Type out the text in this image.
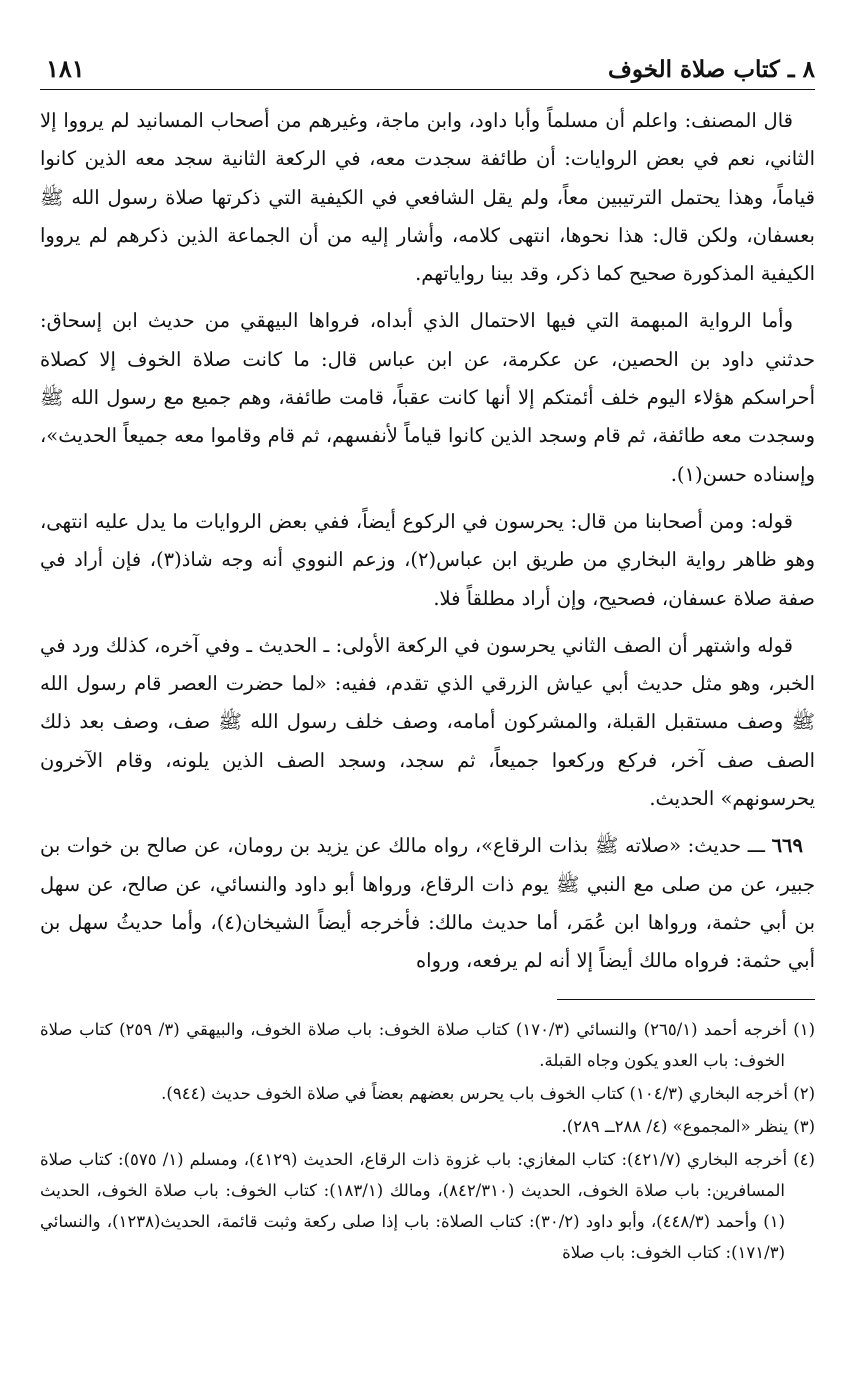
٨ ـ كتاب صلاة الخوف
١٨١

قال المصنف: واعلم أن مسلماً وأبا داود، وابن ماجة، وغيرهم من أصحاب المسانيد لم يرووا إلا الثاني، نعم في بعض الروايات: أن طائفة سجدت معه، في الركعة الثانية سجد معه الذين كانوا قياماً، وهذا يحتمل الترتيبين معاً، ولم يقل الشافعي في الكيفية التي ذكرتها صلاة رسول الله ﷺ بعسفان، ولكن قال: هذا نحوها، انتهى كلامه، وأشار إليه من أن الجماعة الذين ذكرهم لم يرووا الكيفية المذكورة صحيح كما ذكر، وقد بينا رواياتهم.

وأما الرواية المبهمة التي فيها الاحتمال الذي أبداه، فرواها البيهقي من حديث ابن إسحاق: حدثني داود بن الحصين، عن عكرمة، عن ابن عباس قال: ما كانت صلاة الخوف إلا كصلاة أحراسكم هؤلاء اليوم خلف أئمتكم إلا أنها كانت عقباً، قامت طائفة، وهم جميع مع رسول الله ﷺ وسجدت معه طائفة، ثم قام وسجد الذين كانوا قياماً لأنفسهم، ثم قام وقاموا معه جميعاً الحديث»، وإسناده حسن(١).

قوله: ومن أصحابنا من قال: يحرسون في الركوع أيضاً، ففي بعض الروايات ما يدل عليه انتهى، وهو ظاهر رواية البخاري من طريق ابن عباس(٢)، وزعم النووي أنه وجه شاذ(٣)، فإن أراد في صفة صلاة عسفان، فصحيح، وإن أراد مطلقاً فلا.

قوله واشتهر أن الصف الثاني يحرسون في الركعة الأولى: ـ الحديث ـ وفي آخره، كذلك ورد في الخبر، وهو مثل حديث أبي عياش الزرقي الذي تقدم، ففيه: «لما حضرت العصر قام رسول الله ﷺ وصف مستقبل القبلة، والمشركون أمامه، وصف خلف رسول الله ﷺ صف، وصف بعد ذلك الصف صف آخر، فركع وركعوا جميعاً، ثم سجد، وسجد الصف الذين يلونه، وقام الآخرون يحرسونهم» الحديث.

٦٦٩ ـــ حديث: «صلاته ﷺ بذات الرقاع»، رواه مالك عن يزيد بن رومان، عن صالح بن خوات بن جبير، عن من صلى مع النبي ﷺ يوم ذات الرقاع، ورواها أبو داود والنسائي، عن صالح، عن سهل بن أبي حثمة، ورواها ابن عُمَر، أما حديث مالك: فأخرجه أيضاً الشيخان(٤)، وأما حديثُ سهل بن أبي حثمة: فرواه مالك أيضاً إلا أنه لم يرفعه، ورواه

(١) أخرجه أحمد (٢٦٥/١) والنسائي (١٧٠/٣) كتاب صلاة الخوف: باب صلاة الخوف، والبيهقي (٣/ ٢٥٩) كتاب صلاة الخوف: باب العدو يكون وجاه القبلة.

(٢) أخرجه البخاري (١٠٤/٣) كتاب الخوف باب يحرس بعضهم بعضاً في صلاة الخوف حديث (٩٤٤).

(٣) ينظر «المجموع» (٤/ ٢٨٨ــ ٢٨٩).

(٤) أخرجه البخاري (٤٢١/٧): كتاب المغازي: باب غزوة ذات الرقاع، الحديث (٤١٢٩)، ومسلم (١/ ٥٧٥): كتاب صلاة المسافرين: باب صلاة الخوف، الحديث (٨٤٢/٣١٠)، ومالك (١٨٣/١): كتاب الخوف: باب صلاة الخوف، الحديث (١) وأحمد (٤٤٨/٣)، وأبو داود (٣٠/٢): كتاب الصلاة: باب إذا صلى ركعة وثبت قائمة، الحديث(١٢٣٨)، والنسائي (١٧١/٣): كتاب الخوف: باب صلاة
